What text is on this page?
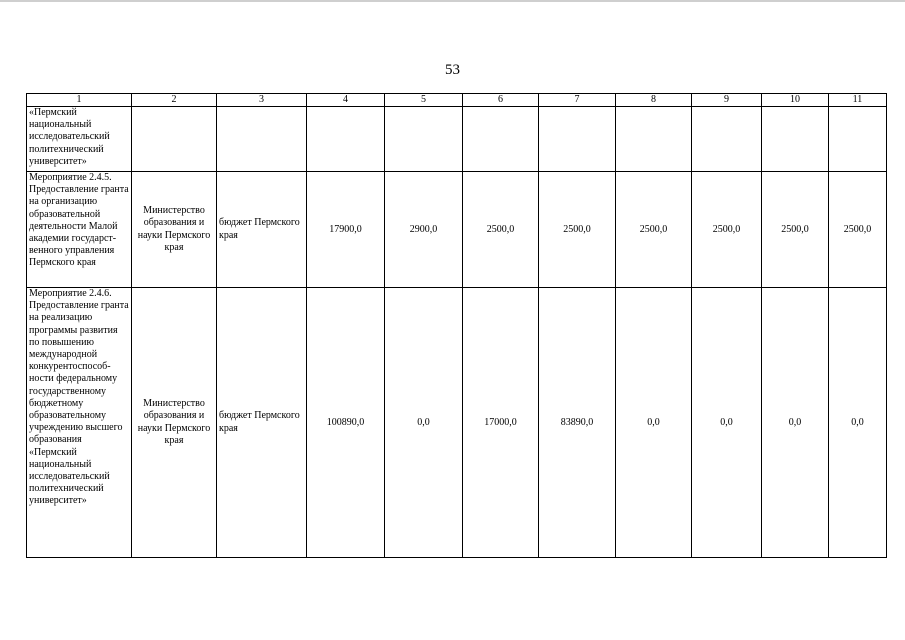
53
1	2	3	4	5	6	7	8	9	10	11
«Пермский национальный исследовательский политехнический университет»										
Мероприятие 2.4.5. Предоставление гранта на организацию образовательной деятельности Малой академии государст-венного управления Пермского края	Министерство образования и науки Пермского края	бюджет Пермского края	17900,0	2900,0	2500,0	2500,0	2500,0	2500,0	2500,0	2500,0
Мероприятие 2.4.6. Предоставление гранта на реализацию программы развития по повышению международной конкурентоспособ-ности федеральному государственному бюджетному образовательному учреждению высшего образования «Пермский национальный исследовательский политехнический университет»	Министерство образования и науки Пермского края	бюджет Пермского края	100890,0	0,0	17000,0	83890,0	0,0	0,0	0,0	0,0
